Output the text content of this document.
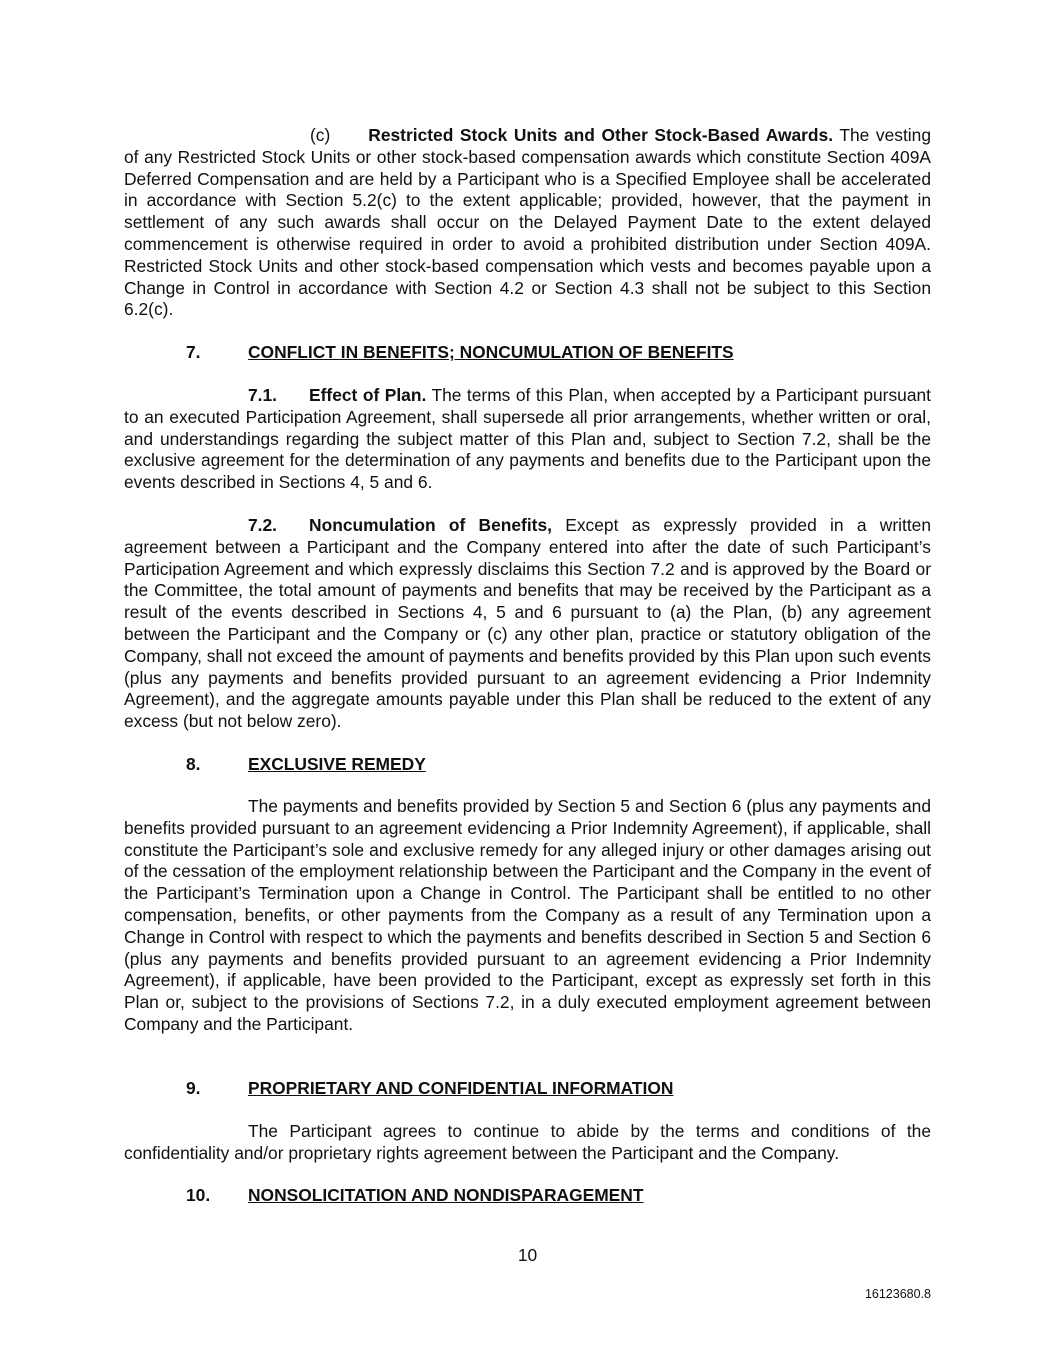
(c) Restricted Stock Units and Other Stock-Based Awards. The vesting of any Restricted Stock Units or other stock-based compensation awards which constitute Section 409A Deferred Compensation and are held by a Participant who is a Specified Employee shall be accelerated in accordance with Section 5.2(c) to the extent applicable; provided, however, that the payment in settlement of any such awards shall occur on the Delayed Payment Date to the extent delayed commencement is otherwise required in order to avoid a prohibited distribution under Section 409A. Restricted Stock Units and other stock-based compensation which vests and becomes payable upon a Change in Control in accordance with Section 4.2 or Section 4.3 shall not be subject to this Section 6.2(c).

7.	CONFLICT IN BENEFITS; NONCUMULATION OF BENEFITS

7.1. Effect of Plan. The terms of this Plan, when accepted by a Participant pursuant to an executed Participation Agreement, shall supersede all prior arrangements, whether written or oral, and understandings regarding the subject matter of this Plan and, subject to Section 7.2, shall be the exclusive agreement for the determination of any payments and benefits due to the Participant upon the events described in Sections 4, 5 and 6.

7.2. Noncumulation of Benefits, Except as expressly provided in a written agreement between a Participant and the Company entered into after the date of such Participant’s Participation Agreement and which expressly disclaims this Section 7.2 and is approved by the Board or the Committee, the total amount of payments and benefits that may be received by the Participant as a result of the events described in Sections 4, 5 and 6 pursuant to (a) the Plan, (b) any agreement between the Participant and the Company or (c) any other plan, practice or statutory obligation of the Company, shall not exceed the amount of payments and benefits provided by this Plan upon such events (plus any payments and benefits provided pursuant to an agreement evidencing a Prior Indemnity Agreement), and the aggregate amounts payable under this Plan shall be reduced to the extent of any excess (but not below zero).

8.	EXCLUSIVE REMEDY

The payments and benefits provided by Section 5 and Section 6 (plus any payments and benefits provided pursuant to an agreement evidencing a Prior Indemnity Agreement), if applicable, shall constitute the Participant’s sole and exclusive remedy for any alleged injury or other damages arising out of the cessation of the employment relationship between the Participant and the Company in the event of the Participant’s Termination upon a Change in Control. The Participant shall be entitled to no other compensation, benefits, or other payments from the Company as a result of any Termination upon a Change in Control with respect to which the payments and benefits described in Section 5 and Section 6 (plus any payments and benefits provided pursuant to an agreement evidencing a Prior Indemnity Agreement), if applicable, have been provided to the Participant, except as expressly set forth in this Plan or, subject to the provisions of Sections 7.2, in a duly executed employment agreement between Company and the Participant.

9.	PROPRIETARY AND CONFIDENTIAL INFORMATION

The Participant agrees to continue to abide by the terms and conditions of the confidentiality and/or proprietary rights agreement between the Participant and the Company.

10. NONSOLICITATION AND NONDISPARAGEMENT
10
16123680.8
